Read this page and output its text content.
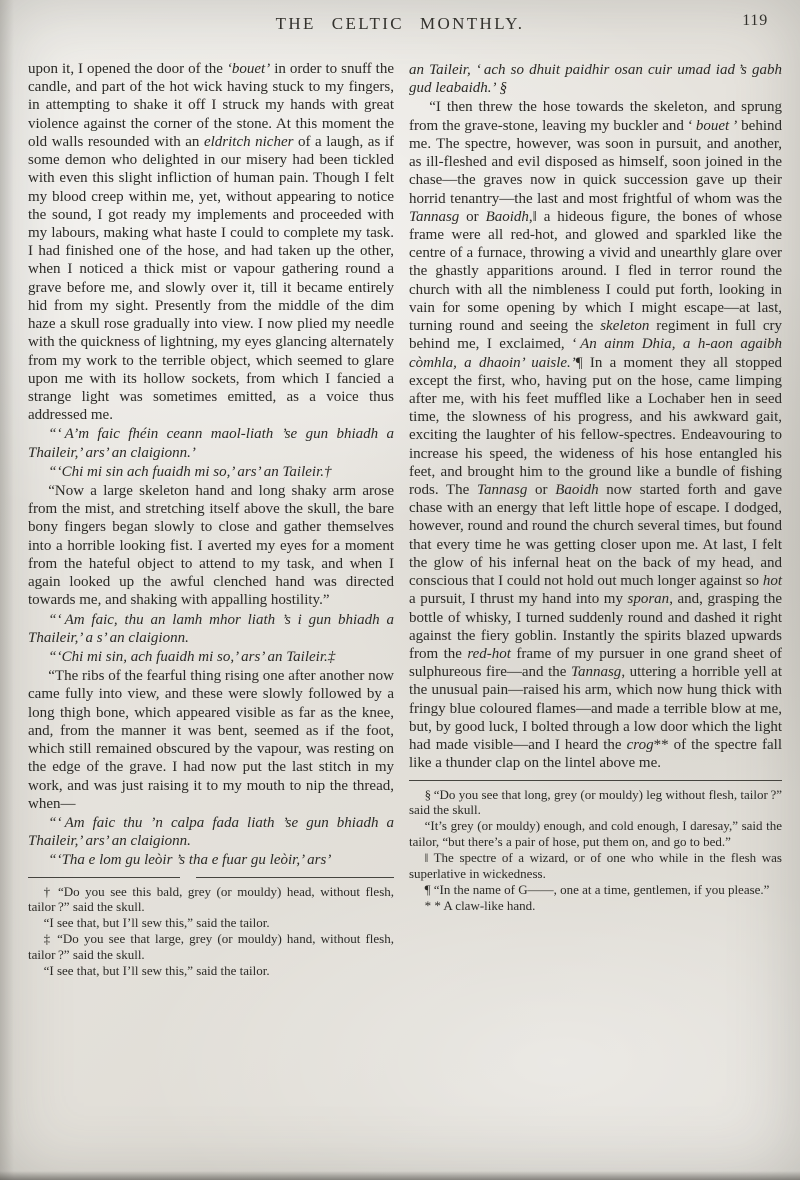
THE CELTIC MONTHLY.	119

upon it, I opened the door of the ‘bouet’ in order to snuff the candle, and part of the hot wick having stuck to my fingers, in attempting to shake it off I struck my hands with great violence against the corner of the stone. At this moment the old walls resounded with an eldritch nicher of a laugh, as if some demon who delighted in our misery had been tickled with even this slight infliction of human pain. Though I felt my blood creep within me, yet, without appearing to notice the sound, I got ready my implements and proceeded with my labours, making what haste I could to complete my task. I had finished one of the hose, and had taken up the other, when I noticed a thick mist or vapour gathering round a grave before me, and slowly over it, till it became entirely hid from my sight. Presently from the middle of the dim haze a skull rose gradually into view. I now plied my needle with the quickness of lightning, my eyes glancing alternately from my work to the terrible object, which seemed to glare upon me with its hollow sockets, from which I fancied a strange light was sometimes emitted, as a voice thus addressed me.

“‘ A’m faic fhéin ceann maol-liath ’se gun bhiadh a Thaileir,’ ars’ an claigionn.’

“‘Chi mi sin ach fuaidh mi so,’ ars’ an Taileir.†

“Now a large skeleton hand and long shaky arm arose from the mist, and stretching itself above the skull, the bare bony fingers began slowly to close and gather themselves into a horrible looking fist. I averted my eyes for a moment from the hateful object to attend to my task, and when I again looked up the awful clenched hand was directed towards me, and shaking with appalling hostility.”

“‘ Am faic, thu an lamh mhor liath ’s i gun bhiadh a Thaileir,’ a s’ an claigionn.

“‘Chi mi sin, ach fuaidh mi so,’ ars’ an Taileir.‡

“The ribs of the fearful thing rising one after another now came fully into view, and these were slowly followed by a long thigh bone, which appeared visible as far as the knee, and, from the manner it was bent, seemed as if the foot, which still remained obscured by the vapour, was resting on the edge of the grave. I had now put the last stitch in my work, and was just raising it to my mouth to nip the thread, when—

“‘ Am faic thu ’n calpa fada liath ’se gun bhiadh a Thaileir,’ ars’ an claigionn.

“‘Tha e lom gu leòir ’s tha e fuar gu leòir,’ ars’

† “Do you see this bald, grey (or mouldy) head, without flesh, tailor ?” said the skull.

“I see that, but I’ll sew this,” said the tailor.

‡ “Do you see that large, grey (or mouldy) hand, without flesh, tailor ?” said the skull.

“I see that, but I’ll sew this,” said the tailor.

an Taileir, ‘ ach so dhuit paidhir osan cuir umad iad ’s gabh gud leabaidh.’ §

“I then threw the hose towards the skeleton, and sprung from the grave-stone, leaving my buckler and ‘ bouet ’ behind me. The spectre, however, was soon in pursuit, and another, as ill-fleshed and evil disposed as himself, soon joined in the chase—the graves now in quick succession gave up their horrid tenantry—the last and most frightful of whom was the Tannasg or Baoidh,‖ a hideous figure, the bones of whose frame were all red-hot, and glowed and sparkled like the centre of a furnace, throwing a vivid and unearthly glare over the ghastly apparitions around. I fled in terror round the church with all the nimbleness I could put forth, looking in vain for some opening by which I might escape—at last, turning round and seeing the skeleton regiment in full cry behind me, I exclaimed, ‘ An ainm Dhia, a h-aon agaibh còmhla, a dhaoin’ uaisle.’¶ In a moment they all stopped except the first, who, having put on the hose, came limping after me, with his feet muffled like a Lochaber hen in seed time, the slowness of his progress, and his awkward gait, exciting the laughter of his fellow-spectres. Endeavouring to increase his speed, the wideness of his hose entangled his feet, and brought him to the ground like a bundle of fishing rods. The Tannasg or Baoidh now started forth and gave chase with an energy that left little hope of escape. I dodged, however, round and round the church several times, but found that every time he was getting closer upon me. At last, I felt the glow of his infernal heat on the back of my head, and conscious that I could not hold out much longer against so hot a pursuit, I thrust my hand into my sporan, and, grasping the bottle of whisky, I turned suddenly round and dashed it right against the fiery goblin. Instantly the spirits blazed upwards from the red-hot frame of my pursuer in one grand sheet of sulphureous fire—and the Tannasg, uttering a horrible yell at the unusual pain—raised his arm, which now hung thick with fringy blue coloured flames—and made a terrible blow at me, but, by good luck, I bolted through a low door which the light had made visible—and I heard the crog** of the spectre fall like a thunder clap on the lintel above me.

§ “Do you see that long, grey (or mouldy) leg without flesh, tailor ?” said the skull.

“It’s grey (or mouldy) enough, and cold enough, I daresay,” said the tailor, “but there’s a pair of hose, put them on, and go to bed.”

‖ The spectre of a wizard, or of one who while in the flesh was superlative in wickedness.

¶ “In the name of G——, one at a time, gentlemen, if you please.”

* * A claw-like hand.
